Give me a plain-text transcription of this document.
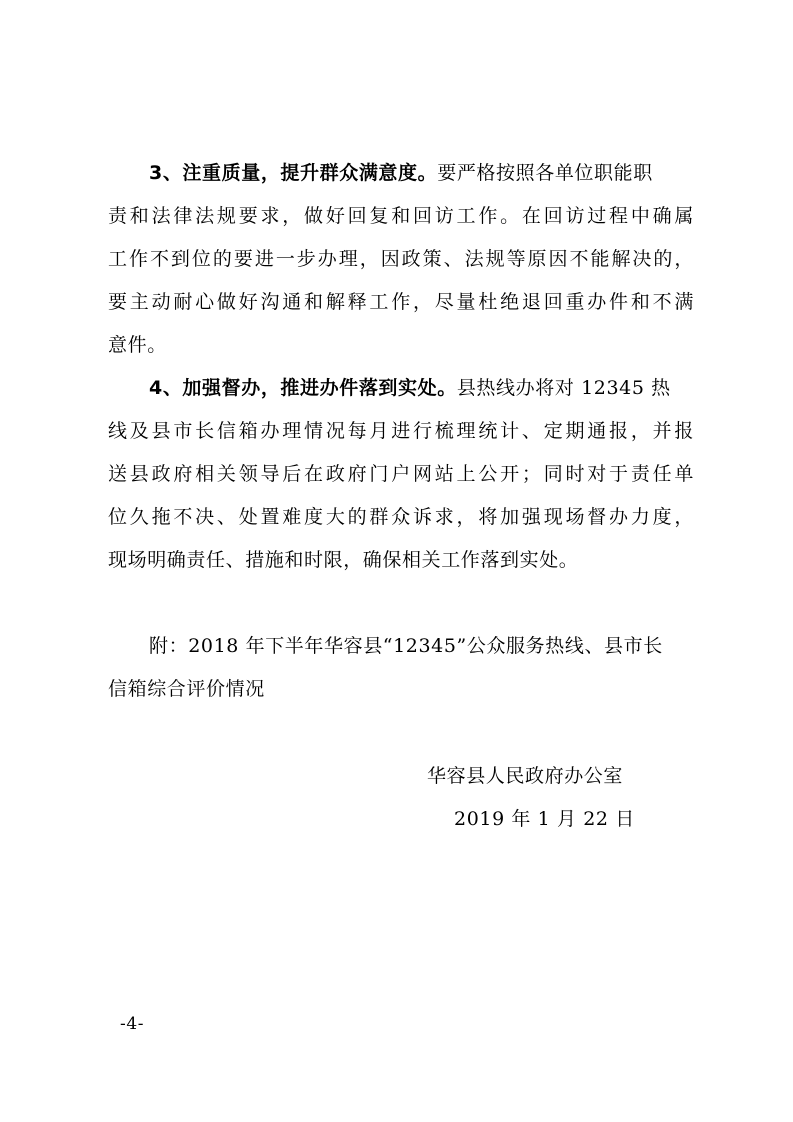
3、注重质量，提升群众满意度。要严格按照各单位职能职
责和法律法规要求，做好回复和回访工作。在回访过程中确属
工作不到位的要进一步办理，因政策、法规等原因不能解决的，
要主动耐心做好沟通和解释工作，尽量杜绝退回重办件和不满
意件。
4、加强督办，推进办件落到实处。县热线办将对 12345 热
线及县市长信箱办理情况每月进行梳理统计、定期通报，并报
送县政府相关领导后在政府门户网站上公开；同时对于责任单
位久拖不决、处置难度大的群众诉求，将加强现场督办力度，
现场明确责任、措施和时限，确保相关工作落到实处。
附：2018 年下半年华容县“12345”公众服务热线、县市长
信箱综合评价情况
华容县人民政府办公室
2019 年 1 月 22 日
-4-
